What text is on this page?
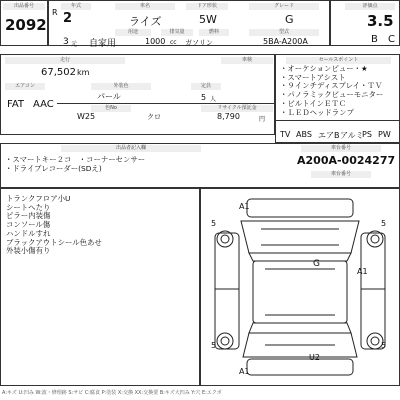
出品番号
2092
年式	車名	ドア形状	グレード
R 2	ライズ	5W	G
用途	排気量	燃料	型式
3 元 自家用	1000 cc ガソリン	5BA-A200A
評価点
3.5
B C
走行	車検
67,502 km
外装色	定員
エアコン
FAT AAC
パール	5 人
色No	リサイクル預託金
W25	クロ	8,790	円
セールスポイント
・オーケションピュー・★
・スマートアシスト
・９インチディスプレイ・ＴＶ
・パノラミックビューモニター
・ビルトインＥＴＣ
・ＬＥＤヘッドランプ
TV ABS エアB アルミ
PS PW
出品者記入欄	車台番号
・スマートキー２コ　・コーナーセンサー
・ドライブレコーダー(SDえ)
A200A-0024277
車台番号
トランクフロア小U
シートへたり
ピラー内装傷
コンソール傷
ハンドルすれ
ブラックアウトシール色あせ
外装小傷有り
A1
5	5
G
A1
5	5
U2
A1
A:キズ U:凹み W:波・修理跡 S:サビ C:腐食 P:塗装 X:交換 XX:交換要 B:キズ大凹み Y:穴 E:エクボ
